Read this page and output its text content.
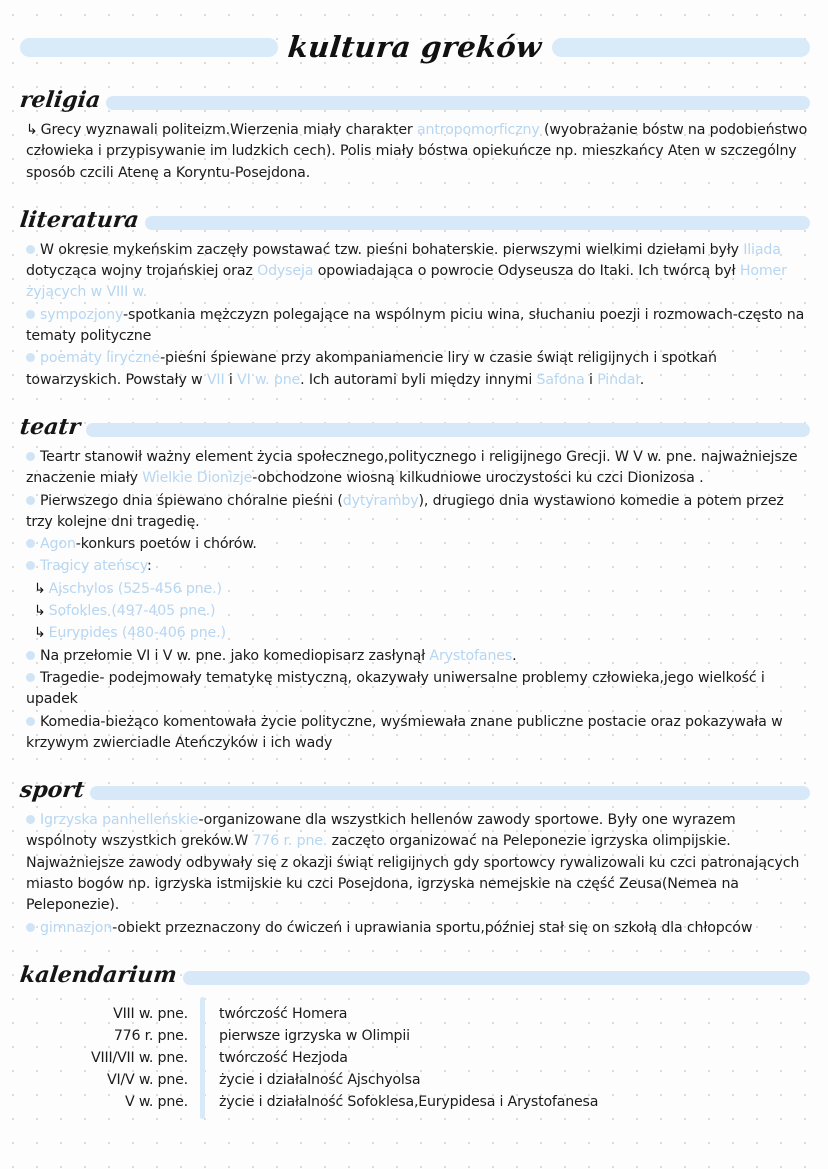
kultura greków
religia

↳ Grecy wyznawali politeizm.Wierzenia miały charakter antropomorficzny (wyobrażanie bóstw na podobieństwo człowieka i przypisywanie im ludzkich cech). Polis miały bóstwa opiekuńcze np. mieszkańcy Aten w szczególny sposób czcili Atenę a Koryntu-Posejdona.

literatura

W okresie mykeńskim zaczęły powstawać tzw. pieśni bohaterskie. pierwszymi wielkimi dziełami były Iliada dotycząca wojny trojańskiej oraz Odyseja opowiadająca o powrocie Odyseusza do Itaki. Ich twórcą był Homer żyjących w VIII w.

sympozjony-spotkania mężczyzn polegające na wspólnym piciu wina, słuchaniu poezji i rozmowach-często na tematy polityczne

poematy liryczne-pieśni śpiewane przy akompaniamencie liry w czasie świąt religijnych i spotkań towarzyskich. Powstały w VII i VI w. pne. Ich autorami byli między innymi Safona i Pindar.

teatr

Teartr stanowił ważny element życia społecznego,politycznego i religijnego Grecji. W V w. pne. najważniejsze znaczenie miały Wielkie Dionizje-obchodzone wiosną kilkudniowe uroczystości ku czci Dionizosa .

Pierwszego dnia śpiewano chóralne pieśni (dytyramby), drugiego dnia wystawiono komedie a potem przez trzy kolejne dni tragedię.

Agon-konkurs poetów i chórów.

Tragicy ateńscy:

↳ Ajschylos (525-456 pne.)

↳ Sofokles (497-405 pne.)

↳ Eurypides (480-406 pne.)

Na przełomie VI i V w. pne. jako komediopisarz zasłynął Arystofanes.

Tragedie- podejmowały tematykę mistyczną, okazywały uniwersalne problemy człowieka,jego wielkość i upadek

Komedia-bieżąco komentowała życie polityczne, wyśmiewała znane publiczne postacie oraz pokazywała w krzywym zwierciadle Ateńczyków i ich wady

sport

Igrzyska panhelleńskie-organizowane dla wszystkich hellenów zawody sportowe. Były one wyrazem wspólnoty wszystkich greków.W 776 r. pne. zaczęto organizować na Peleponezie igrzyska olimpijskie. Najważniejsze zawody odbywały się z okazji świąt religijnych gdy sportowcy rywalizowali ku czci patronających miasto bogów np. igrzyska istmijskie ku czci Posejdona, igrzyska nemejskie na część Zeusa(Nemea na Peleponezie).

gimnazjon-obiekt przeznaczony do ćwiczeń i uprawiania sportu,później stał się on szkołą dla chłopców

kalendarium
VIII w. pne.
776 r. pne.
VIII/VII w. pne.
VI/V w. pne.
V w. pne.
twórczość Homera
pierwsze igrzyska w Olimpii
twórczość Hezjoda
życie i działalność Ajschyolsa
życie i działalność Sofoklesa,Eurypidesa i Arystofanesa
